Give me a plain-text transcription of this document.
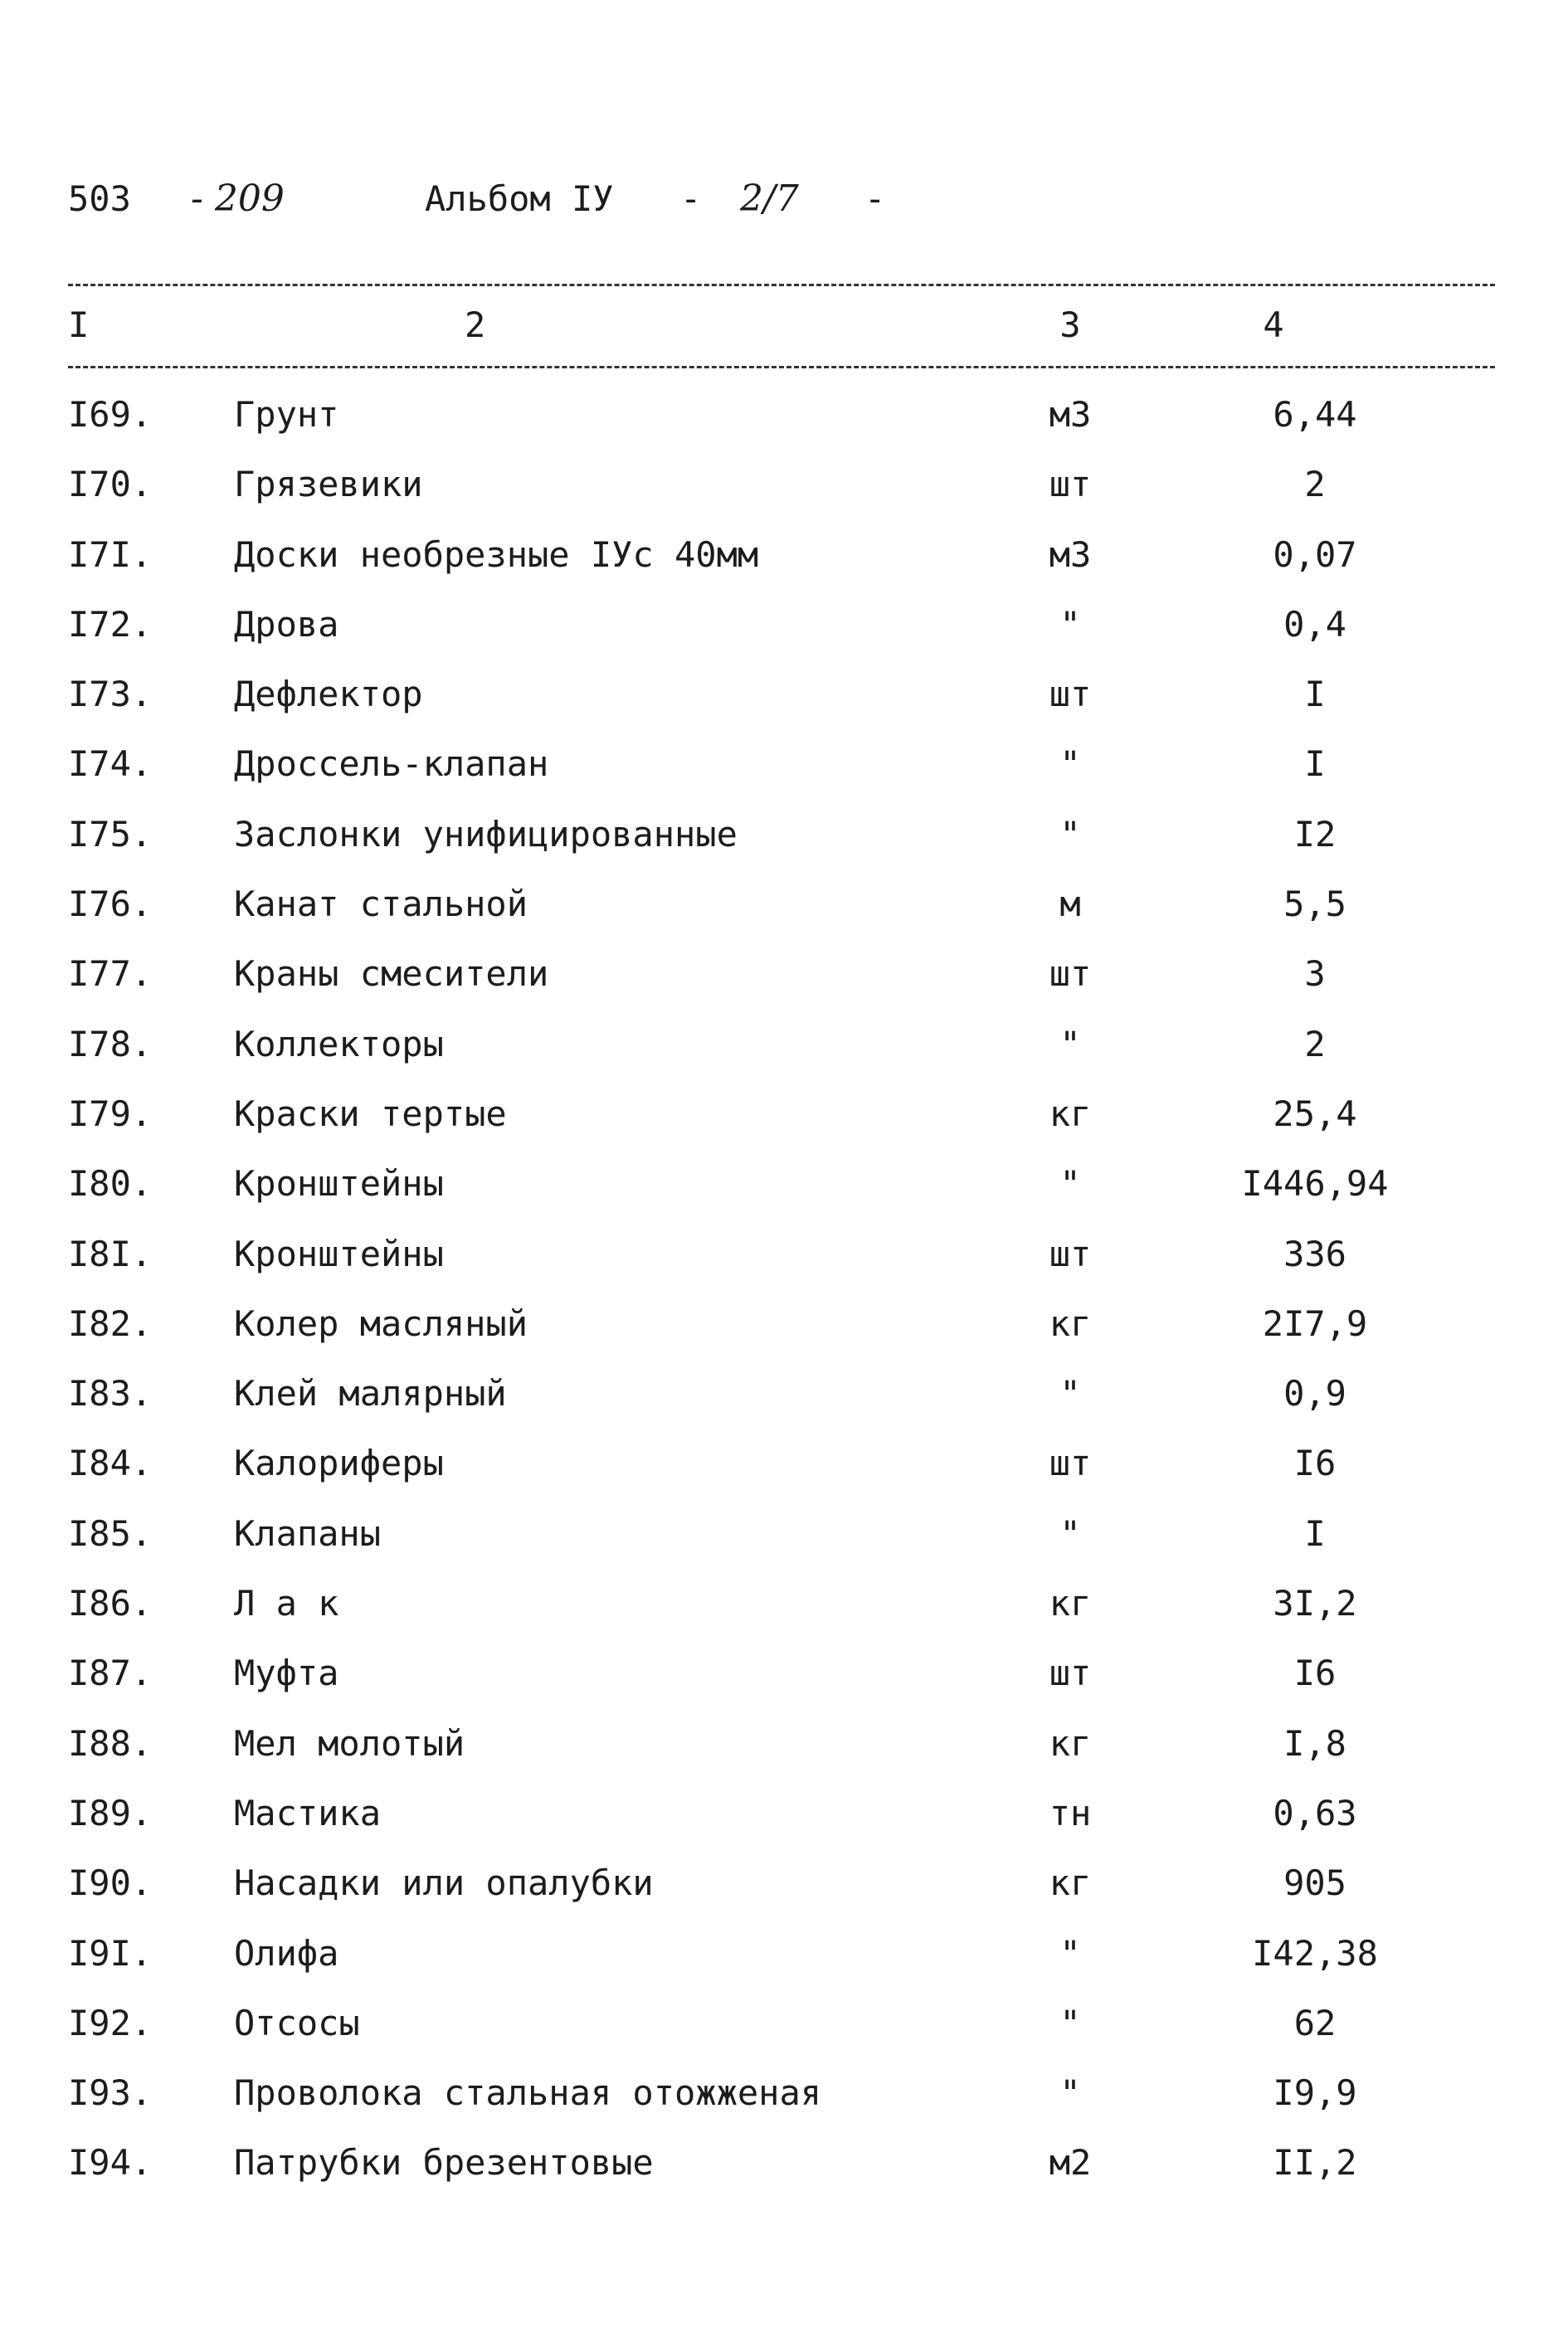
503 - 209	Альбом IУ - 2/7 -
I	2	3	4
I69. Грунт	м3	6,44
I70. Грязевики	шт	2
I7I. Доски необрезные IУс 40мм	м3	0,07
I72. Дрова	"	0,4
I73. Дефлектор	шт	I
I74. Дроссель-клапан	"	I
I75. Заслонки унифицированные	"	I2
I76. Канат стальной	м	5,5
I77. Краны смесители	шт	3
I78. Коллекторы	"	2
I79. Краски тертые	кг	25,4
I80. Кронштейны	"	I446,94
I8I. Кронштейны	шт	336
I82. Колер масляный	кг	2I7,9
I83. Клей малярный	"	0,9
I84. Калориферы	шт	I6
I85. Клапаны	"	I
I86. Л а к	кг	3I,2
I87. Муфта	шт	I6
I88. Мел молотый	кг	I,8
I89. Мастика	тн	0,63
I90. Насадки или опалубки	кг	905
I9I. Олифа	"	I42,38
I92. Отсосы	"	62
I93. Проволока стальная отожженая	"	I9,9
I94. Патрубки брезентовые	м2	II,2
